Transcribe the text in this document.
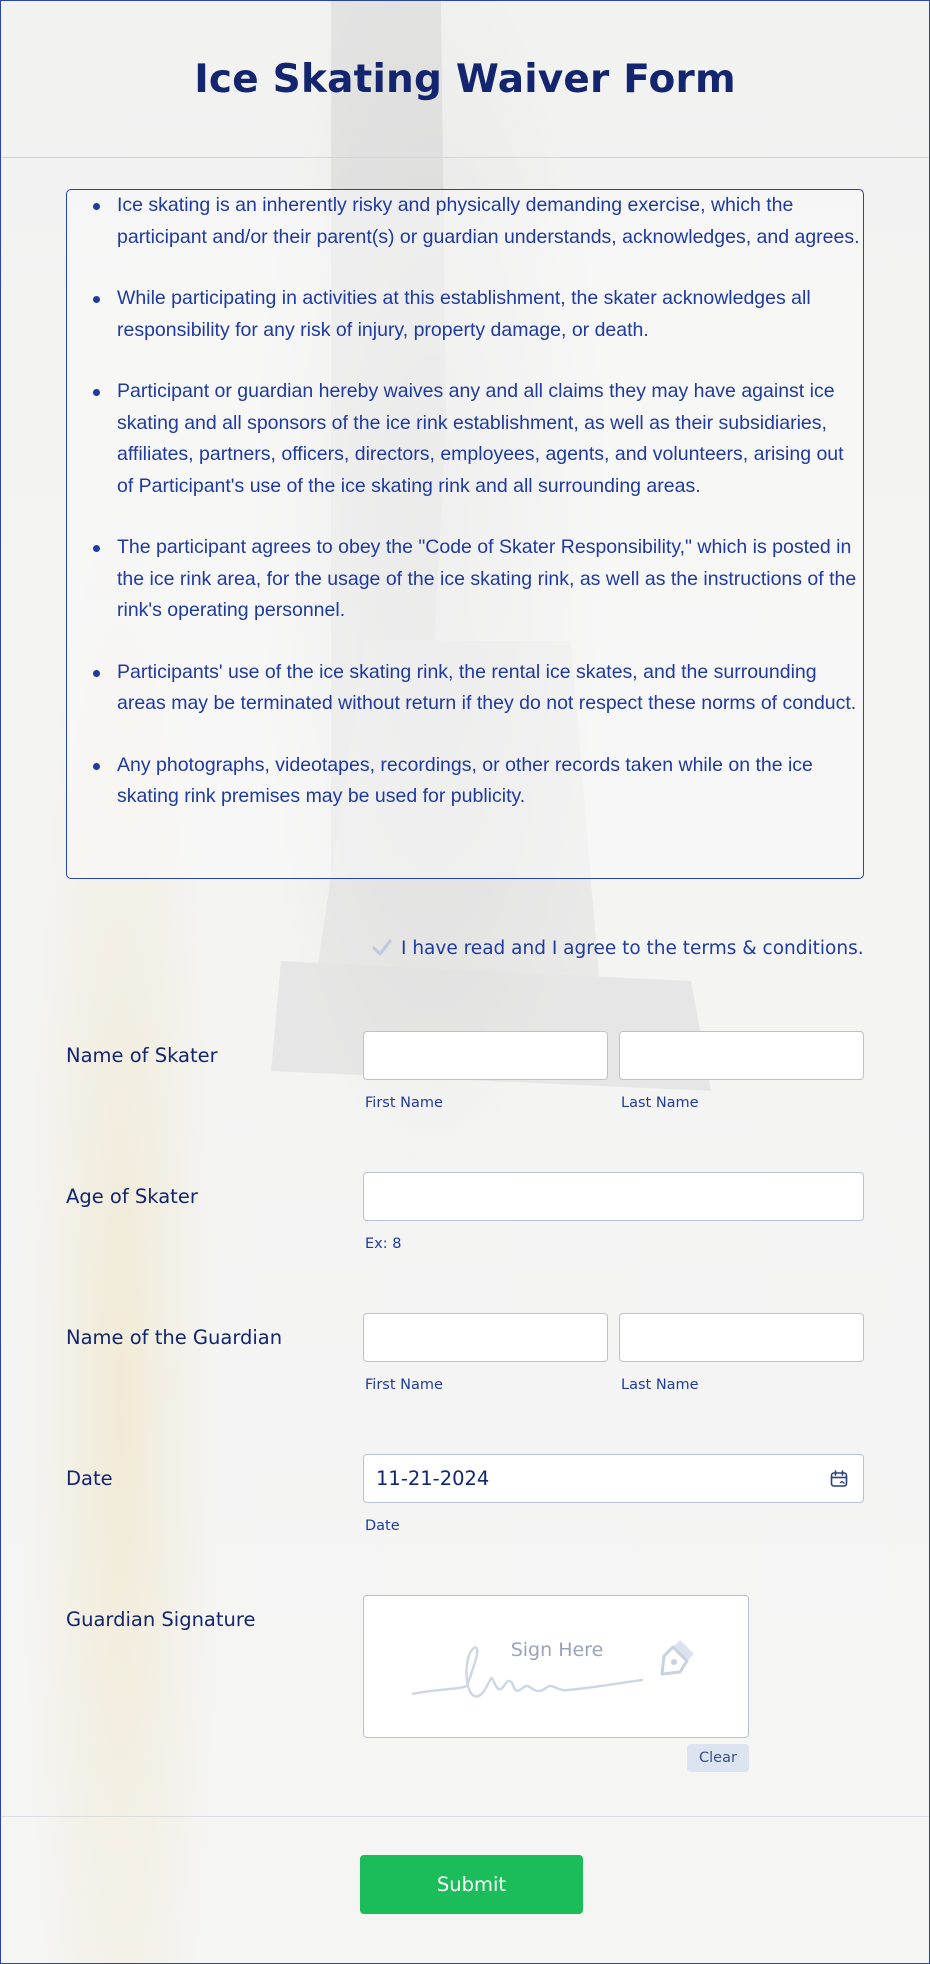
Ice Skating Waiver Form
Ice skating is an inherently risky and physically demanding exercise, which the participant and/or their parent(s) or guardian understands, acknowledges, and agrees.
While participating in activities at this establishment, the skater acknowledges all responsibility for any risk of injury, property damage, or death.
Participant or guardian hereby waives any and all claims they may have against ice skating and all sponsors of the ice rink establishment, as well as their subsidiaries, affiliates, partners, officers, directors, employees, agents, and volunteers, arising out of Participant's use of the ice skating rink and all surrounding areas.
The participant agrees to obey the "Code of Skater Responsibility," which is posted in the ice rink area, for the usage of the ice skating rink, as well as the instructions of the rink's operating personnel.
Participants' use of the ice skating rink, the rental ice skates, and the surrounding areas may be terminated without return if they do not respect these norms of conduct.
Any photographs, videotapes, recordings, or other records taken while on the ice skating rink premises may be used for publicity.
I have read and I agree to the terms & conditions.
Name of Skater
First Name	Last Name
Age of Skater
Ex: 8
Name of the Guardian
First Name	Last Name
Date	11-21-2024
Date
Guardian Signature
Sign Here
Clear
Submit
